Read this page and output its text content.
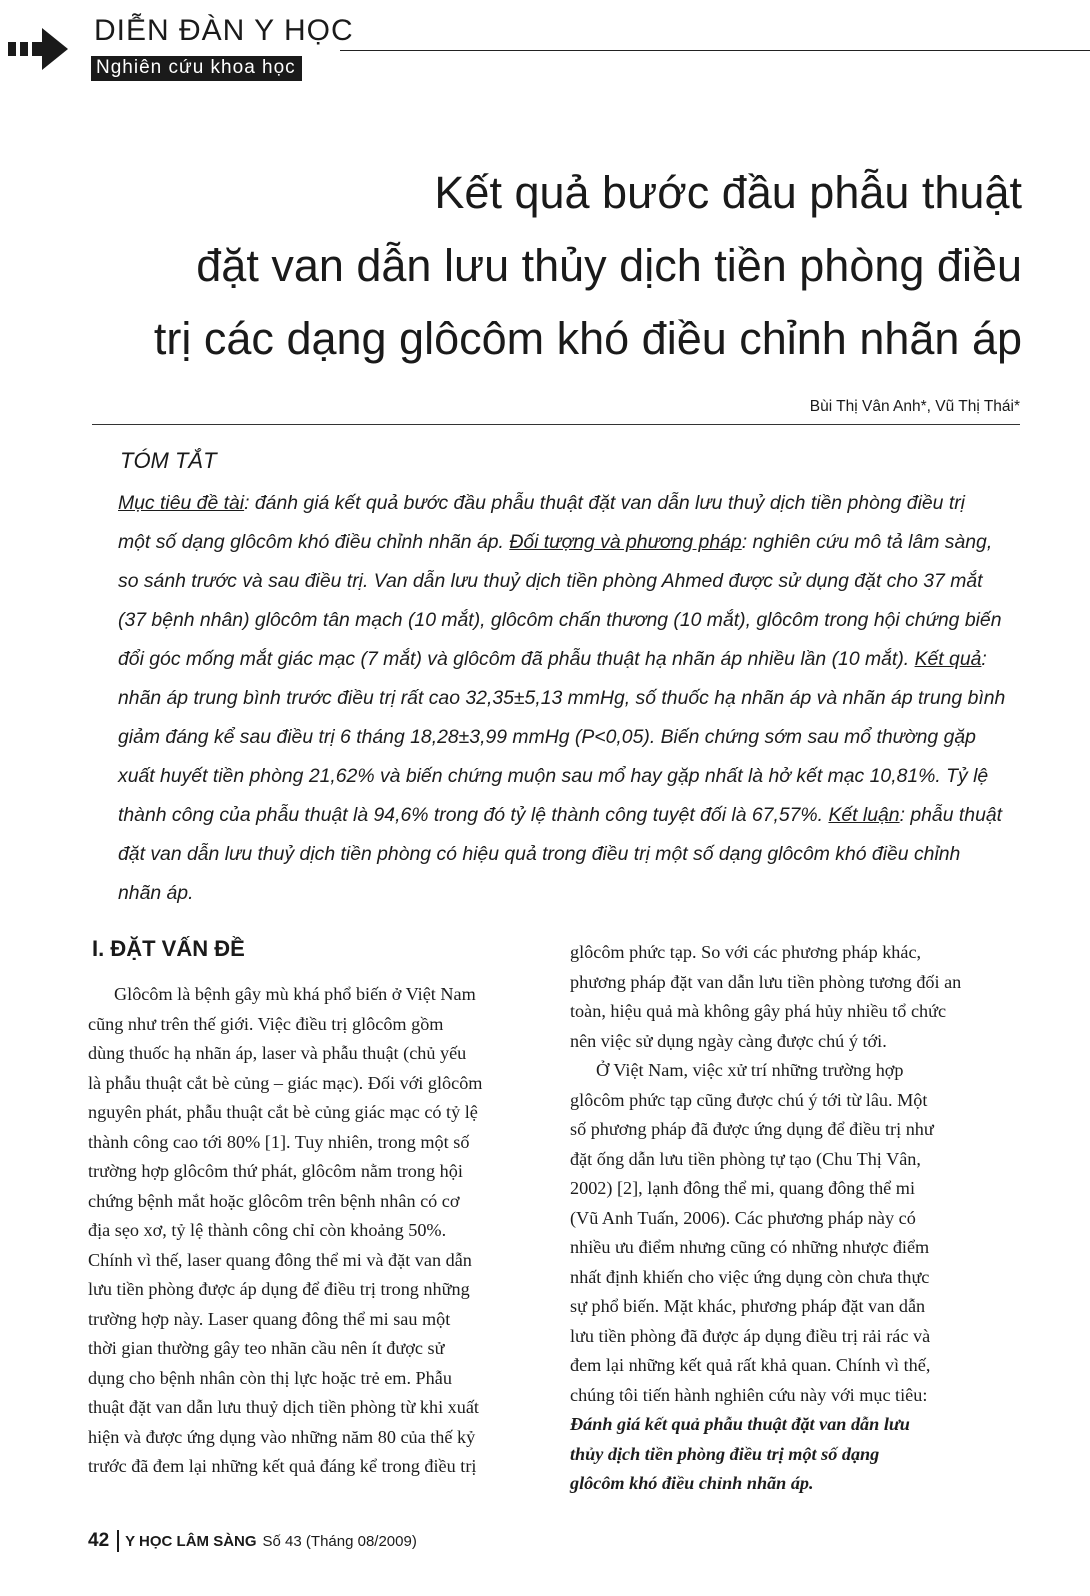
DIỄN ĐÀN Y HỌC
Nghiên cứu khoa học
Kết quả bước đầu phẫu thuật
đặt van dẫn lưu thủy dịch tiền phòng điều
trị các dạng glôcôm khó điều chỉnh nhãn áp
Bùi Thị Vân Anh*, Vũ Thị Thái*
TÓM TẮT
Mục tiêu đề tài: đánh giá kết quả bước đầu phẫu thuật đặt van dẫn lưu thuỷ dịch tiền phòng điều trị
một số dạng glôcôm khó điều chỉnh nhãn áp. Đối tượng và phương pháp: nghiên cứu mô tả lâm sàng,
so sánh trước và sau điều trị. Van dẫn lưu thuỷ dịch tiền phòng Ahmed được sử dụng đặt cho 37 mắt
(37 bệnh nhân) glôcôm tân mạch (10 mắt), glôcôm chấn thương (10 mắt), glôcôm trong hội chứng biến
đổi góc mống mắt giác mạc (7 mắt) và glôcôm đã phẫu thuật hạ nhãn áp nhiều lần (10 mắt). Kết quả:
nhãn áp trung bình trước điều trị rất cao 32,35±5,13 mmHg, số thuốc hạ nhãn áp và nhãn áp trung bình
giảm đáng kể sau điều trị 6 tháng 18,28±3,99 mmHg (P<0,05). Biến chứng sớm sau mổ thường gặp
xuất huyết tiền phòng 21,62% và biến chứng muộn sau mổ hay gặp nhất là hở kết mạc 10,81%. Tỷ lệ
thành công của phẫu thuật là 94,6% trong đó tỷ lệ thành công tuyệt đối là 67,57%. Kết luận: phẫu thuật
đặt van dẫn lưu thuỷ dịch tiền phòng có hiệu quả trong điều trị một số dạng glôcôm khó điều chỉnh
nhãn áp.
I. ĐẶT VẤN ĐỀ
Glôcôm là bệnh gây mù khá phổ biến ở Việt Nam
cũng như trên thế giới. Việc điều trị glôcôm gồm
dùng thuốc hạ nhãn áp, laser và phẫu thuật (chủ yếu
là phẫu thuật cắt bè củng – giác mạc). Đối với glôcôm
nguyên phát, phẫu thuật cắt bè củng giác mạc có tỷ lệ
thành công cao tới 80% [1]. Tuy nhiên, trong một số
trường hợp glôcôm thứ phát, glôcôm nằm trong hội
chứng bệnh mắt hoặc glôcôm trên bệnh nhân có cơ
địa sẹo xơ, tỷ lệ thành công chỉ còn khoảng 50%.
Chính vì thế, laser quang đông thể mi và đặt van dẫn
lưu tiền phòng được áp dụng để điều trị trong những
trường hợp này. Laser quang đông thể mi sau một
thời gian thường gây teo nhãn cầu nên ít được sử
dụng cho bệnh nhân còn thị lực hoặc trẻ em. Phẫu
thuật đặt van dẫn lưu thuỷ dịch tiền phòng từ khi xuất
hiện và được ứng dụng vào những năm 80 của thế kỷ
trước đã đem lại những kết quả đáng kể trong điều trị
glôcôm phức tạp. So với các phương pháp khác,
phương pháp đặt van dẫn lưu tiền phòng tương đối an
toàn, hiệu quả mà không gây phá hủy nhiều tổ chức
nên việc sử dụng ngày càng được chú ý tới.
Ở Việt Nam, việc xử trí những trường hợp
glôcôm phức tạp cũng được chú ý tới từ lâu. Một
số phương pháp đã được ứng dụng để điều trị như
đặt ống dẫn lưu tiền phòng tự tạo (Chu Thị Vân,
2002) [2], lạnh đông thể mi, quang đông thể mi
(Vũ Anh Tuấn, 2006). Các phương pháp này có
nhiều ưu điểm nhưng cũng có những nhược điểm
nhất định khiến cho việc ứng dụng còn chưa thực
sự phổ biến. Mặt khác, phương pháp đặt van dẫn
lưu tiền phòng đã được áp dụng điều trị rải rác và
đem lại những kết quả rất khả quan. Chính vì thế,
chúng tôi tiến hành nghiên cứu này với mục tiêu:
Đánh giá kết quả phẫu thuật đặt van dẫn lưu
thủy dịch tiền phòng điều trị một số dạng
glôcôm khó điều chỉnh nhãn áp.
42 Y HỌC LÂM SÀNG Số 43 (Tháng 08/2009)
